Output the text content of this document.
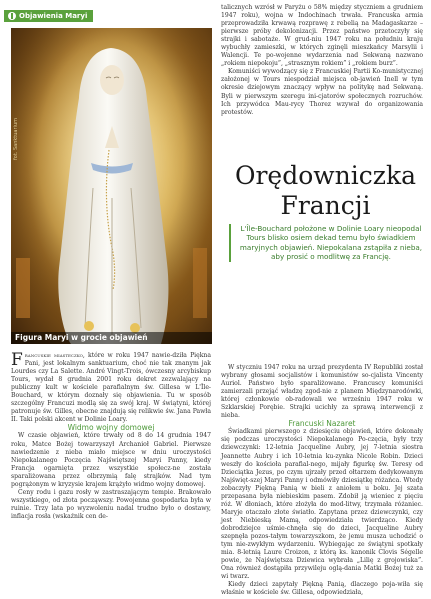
Objawienia Maryi
fot. Sanktuarium
Figura Maryi w grocie objawień

Francuskie miasteczko, które w roku 1947 nawie-dziła Piękna Pani, jest lokalnym sanktuarium, choć nie tak znanym jak Lourdes czy La Salette. André Vingt-Trois, ówczesny arcybiskup Tours, wydał 8 grudnia 2001 roku dekret zezwalający na publiczny kult w kościele parafialnym św. Gillesa w L'Île-Bouchard, w którym doznały się objawienia. Tu w sposób szczególny Francuzi modlą się za swój kraj. W świątyni, której patronuje św. Gilles, obecne znajdują się relikwie św. Jana Pawła II. Taki polski akcent w Dolinie Loary.

Widmo wojny domowej

W czasie objawień, które trwały od 8 do 14 grudnia 1947 roku, Matce Bożej towarzyszył Archanioł Gabriel. Pierwsze nawiedzenie z nieba miało miejsce w dniu uroczystości Niepokalanego Poczęcia Najświętszej Maryi Panny, kiedy Francja ogarnięta przez wszystkie społecz-ne została sparaliżowana przez olbrzymią falę strajków. Nad tym pogrążonym w kryzysie krajem krążyło widmo wojny domowej.

Ceny rodu i gazu rosły w zastraszającym tempie. Brakowało wszystkiego, od złota począwszy. Powojenna gospodarka była w ruinie. Trzy lata po wyzwoleniu nadal trudno było o dostawy, inflacja rosła (wskaźnik cen de-

talicznych wzrósł w Paryżu o 58% między styczniem a grudniem 1947 roku), wojna w Indochinach trwała. Francuska armia przeprowadziła krwawą rozprawę z rebelią na Madagaskarze – pierwsze próby dekolonizacji. Przez państwo przetoczyły się strajki i sabotaże. W grud-niu 1947 roku na południu kraju wybuchły zamieszki, w których zginęli mieszkańcy Marsylii i Walencji. Te po-wojenne wydarzenia nad Sekwaną nazwano „rokiem niepokoju”, „strasznym rokiem” i „rokiem burz”.

Komuniści wywodzący się z Francuskiej Partii Ko-munistycznej założonej w Tours niespodział miejsca ob-jawień Inell w tym okresie dziejowym znaczący wpływ na politykę nad Sekwaną. Byli w pierwszym szeregu ini-cjatorów społecznych rozruchów. Ich przywódca Mau-rycy Thorez wzywał do organizowania protestów.

Orędowniczka Francji
L'Île-Bouchard położone w Dolinie Loary nieopodal Tours blisko osiem dekad temu było świadkiem maryjnych objawień. Niepokalana zstąpiła z nieba, aby prosić o modlitwę za Francję.

W styczniu 1947 roku na urząd prezydenta IV Republiki został wybrany głosami socjalistów i komunistów so-cjalista Vincenty Auriol. Państwo było sparaliżowane. Francuscy komuniści zamierzali przejąć władzę zgod-nie z planem Międzynarodówki, której członkowie ob-radowali we wrześniu 1947 roku w Szklarskiej Porębie. Strajki ucichły za sprawą interwencji z nieba.

Francuski Nazaret

Świadkami pierwszego z dziesięciu objawień, które dokonały się podczas uroczystości Niepokalanego Po-częcia, były trzy dziewczynki: 12-letnia Jacqueline Aubry, jej 7-letnia siostra Jeannette Aubry i ich 10-letnia ku-zynka Nicole Robin. Dzieci weszły do kościoła parafial-nego, mijały figurkę św. Teresy od Dzieciątka Jezus, po czym ujrzały przed ołtarzem dedykowanym Najświęt-szej Maryi Panny i odmówiły dziesiątkę różańca. Wtedy zobaczyły Piękną Panią w bieli z aniołem u boku. Jej szata przepasana była niebieskim pasem. Zdobił ją wieniec z pięciu róż. W dłoniach, które złożyła do mod-litwy, trzymała różaniec. Maryje otaczało złote światło. Zapytana przez dziewczynki, czy jest Niebieską Mamą, odpowiedziała twierdząco. Kiedy dobrodziejce uśmie-chnęła się do dzieci, Jacqueline Aubry szepnęła pozos-tałym towarzyszkom, że jemu musza uchodzić o tym nie-zwykłym wydarzeniu. Wybiegając ze świątyni spotkały mia. 8-letnią Laure Croizon, z którą ks. kanonik Clovis Ségelle powie, że Najświętsza Dziewica wybrała „Lilię z grojowiska”. Ona również dostąpiła przywileju oglą-dania Matki Bożej tuż za wi twarz.

Kiedy dzieci zapytały Piękną Panią, dlaczego poja-wiła się właśnie w kościele św. Gillesa, odpowiedziała,
